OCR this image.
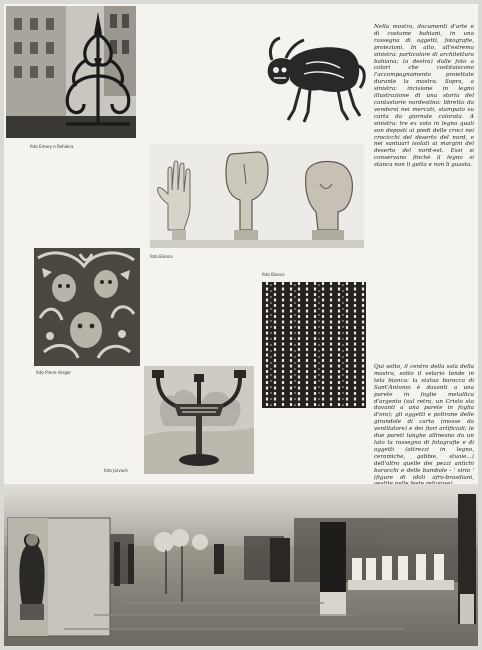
foto Emery e Rehieira

Nella mostra, documenti d'arte e di costume bahiani, in una rassegna di oggetti, fotografie, proiezioni. In alto, all'estrema sinistra: particolare di architettura bahiana; (a destra) dalle foto a colori che costituiscono l'accompagnamento proiettate durante la mostra. Sopra, a sinistra: incisione in legno illustrazione di una storia del cantastorie nordestino: libretto da vendersi nei mercati, stampato su carta da giornale colorata. A sinistra: tre ex voto in legno quali son deposti ai piedi delle croci nei crocicchi del deserto del nord, e nei santuari isolati ai margini del deserto del nord-est. Essi si conservano finchè il legno si stanca non li getta e non li guasta.

foto Bianco
foto Pierre Verger
foto Bianco
foto Jarvach

Qui sotto, il centro della sala della mostra, sotto il velario tende in tela bianca: la statua barocca di Sant'Antonio è davanti a una parete in foglie metallica d'argento (sul retro, un Cristo sta davanti a una parete in foglia d'oro); gli oggetti e poltrone delle girandole di carta (mosse da ventilatore) e dei fiori artificiali; le due pareti lunghe allineano da un lato la rassegna di fotografie e di oggetti (attrezzi in legno, ceramiche, gabbie, stuoie...) dell'altro quelle dei pezzi antichi barocchi e delle bambole - ' sirio ' (figure di idoli afro-brasiliani,
